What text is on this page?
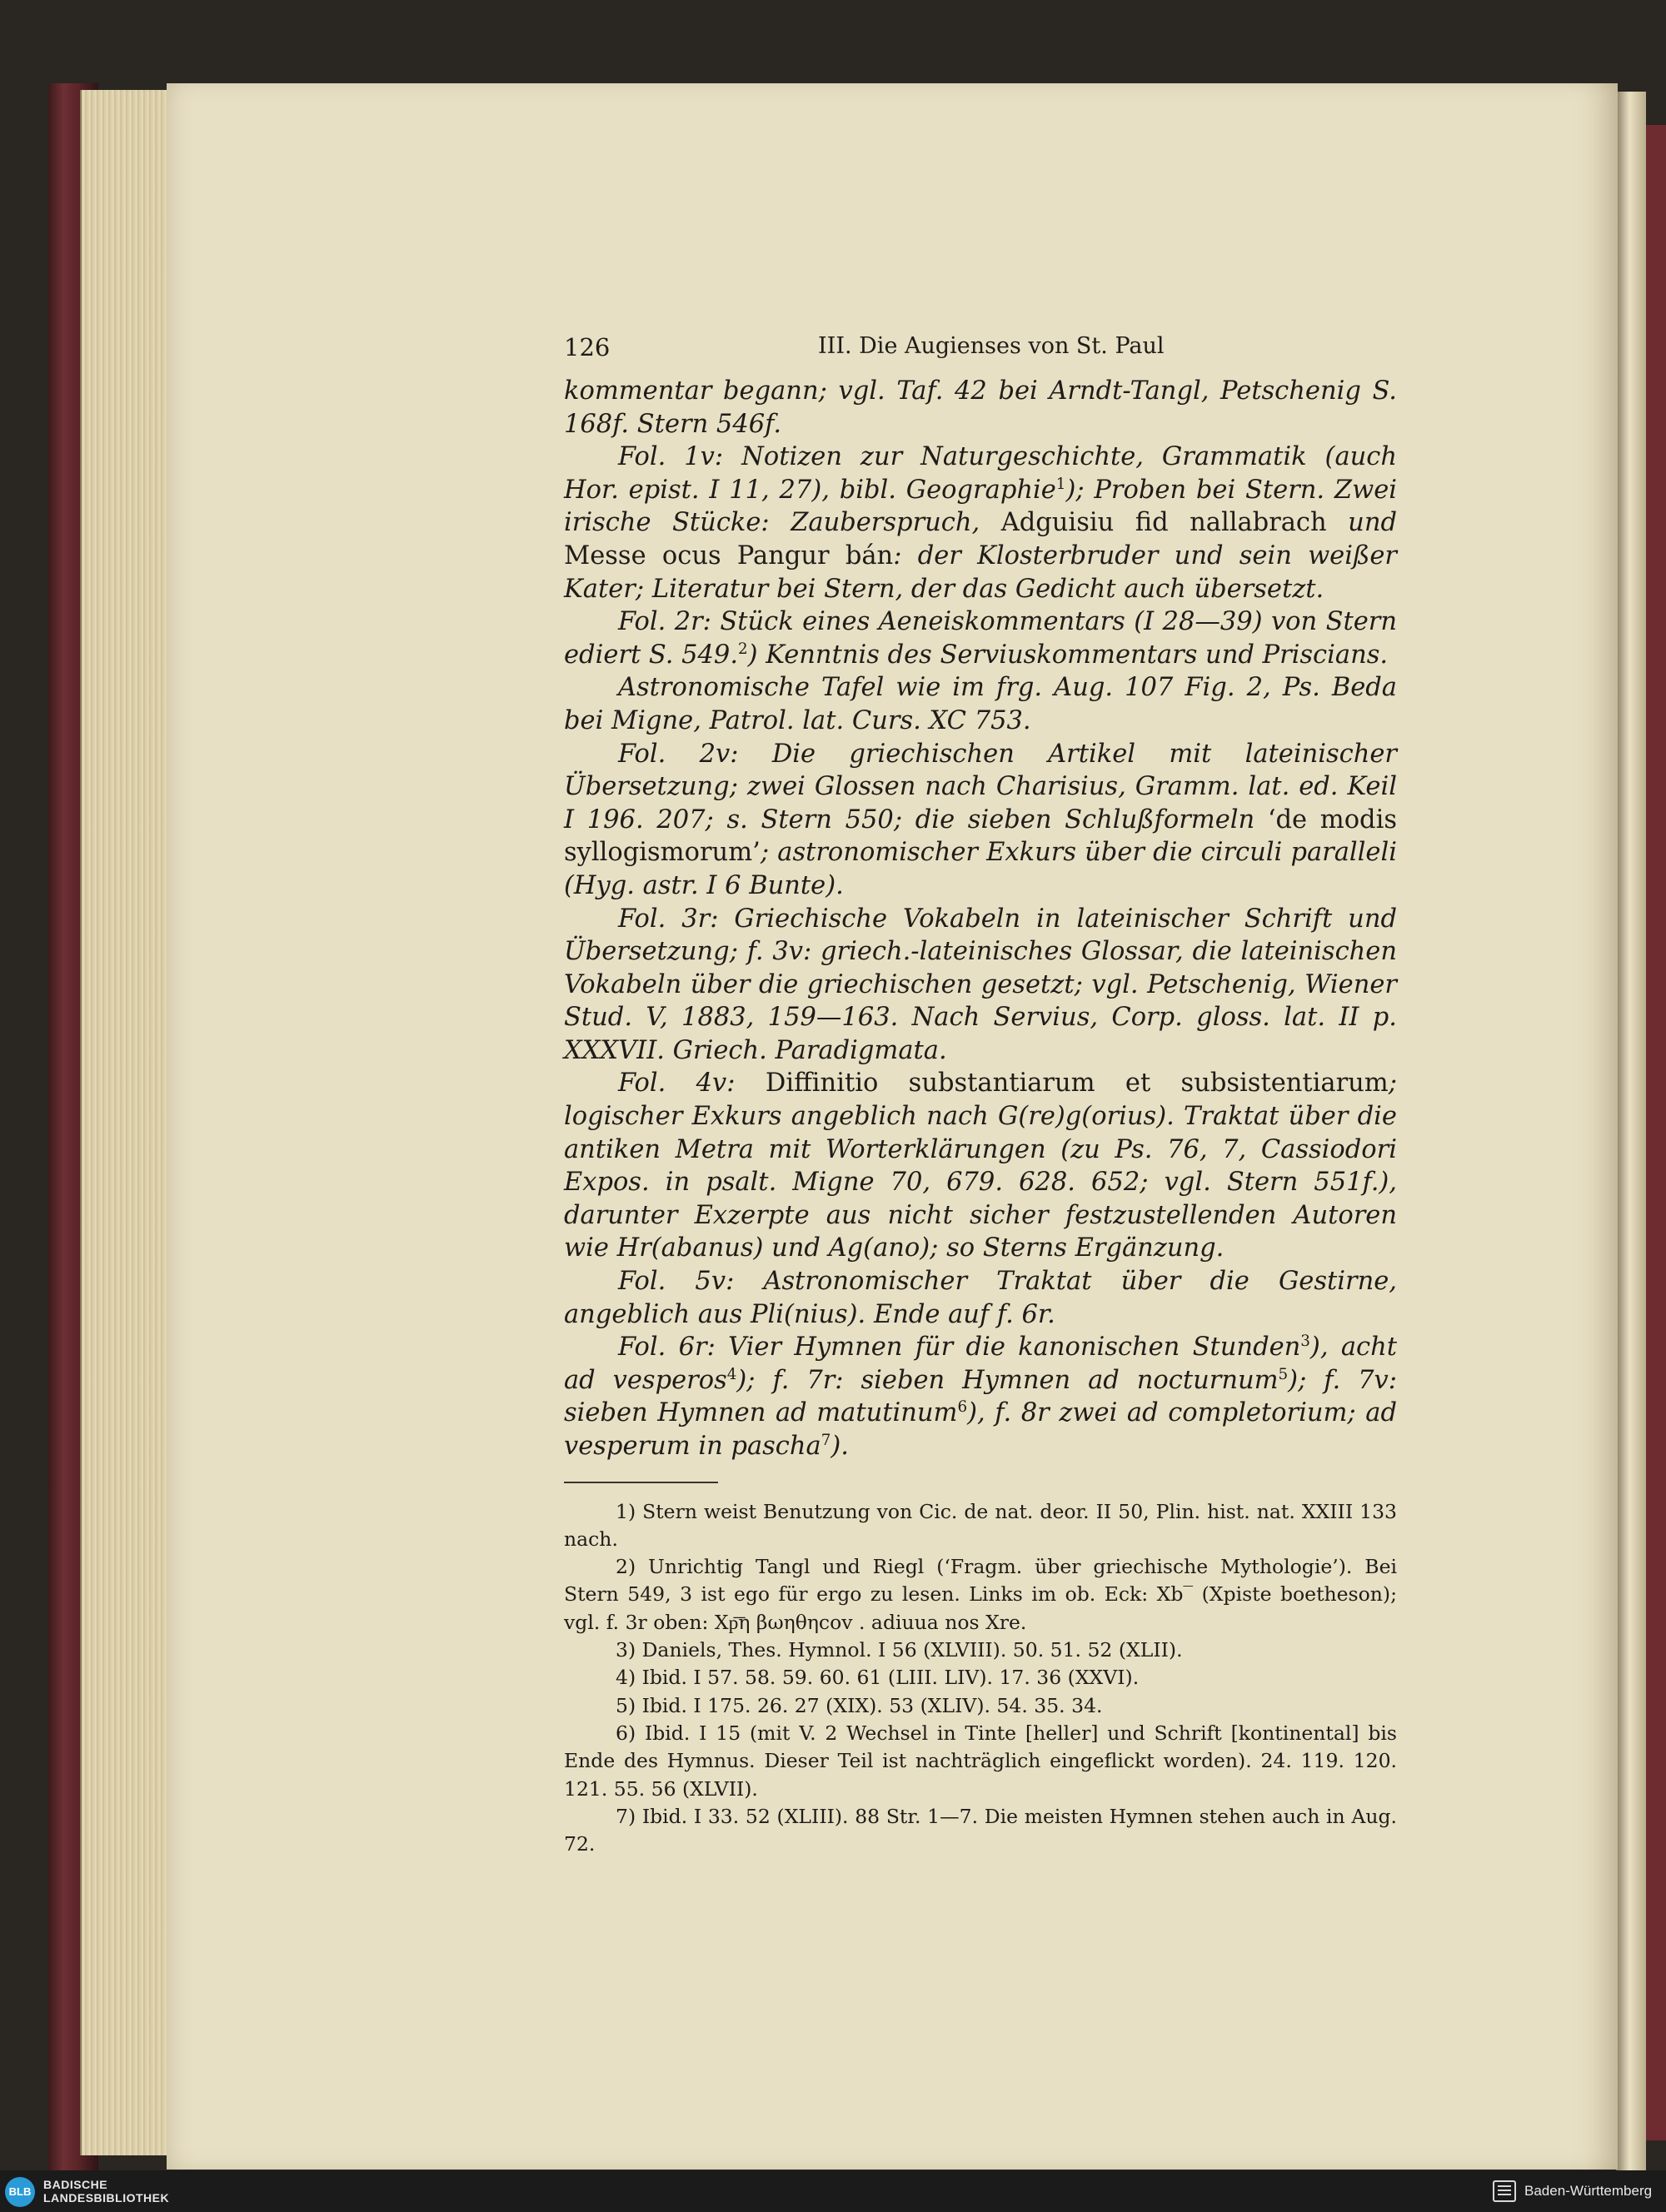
126	III. Die Augienses von St. Paul

kommentar begann; vgl. Taf. 42 bei Arndt-Tangl, Petschenig S. 168f. Stern 546f.

Fol. 1v: Notizen zur Naturgeschichte, Grammatik (auch Hor. epist. I 11, 27), bibl. Geographie$^1$); Proben bei Stern. Zwei irische Stücke: Zauberspruch, Adguisiu fid nallabrach und Messe ocus Pangur bán: der Klosterbruder und sein weißer Kater; Literatur bei Stern, der das Gedicht auch übersetzt.

Fol. 2r: Stück eines Aeneiskommentars (I 28—39) von Stern ediert S. 549.$^2$) Kenntnis des Serviuskommentars und Priscians.

Astronomische Tafel wie im frg. Aug. 107 Fig. 2, Ps. Beda bei Migne, Patrol. lat. Curs. XC 753.

Fol. 2v: Die griechischen Artikel mit lateinischer Übersetzung; zwei Glossen nach Charisius, Gramm. lat. ed. Keil I 196. 207; s. Stern 550; die sieben Schlußformeln ‘de modis syllogismorum’; astronomischer Exkurs über die circuli paralleli (Hyg. astr. I 6 Bunte).

Fol. 3r: Griechische Vokabeln in lateinischer Schrift und Übersetzung; f. 3v: griech.-lateinisches Glossar, die lateinischen Vokabeln über die griechischen gesetzt; vgl. Petschenig, Wiener Stud. V, 1883, 159—163. Nach Servius, Corp. gloss. lat. II p. XXXVII. Griech. Paradigmata.

Fol. 4v: Diffinitio substantiarum et subsistentiarum; logischer Exkurs angeblich nach G(re)g(orius). Traktat über die antiken Metra mit Worterklärungen (zu Ps. 76, 7, Cassiodori Expos. in psalt. Migne 70, 679. 628. 652; vgl. Stern 551f.), darunter Exzerpte aus nicht sicher festzustellenden Autoren wie Hr(abanus) und Ag(ano); so Sterns Ergänzung.

Fol. 5v: Astronomischer Traktat über die Gestirne, angeblich aus Pli(nius). Ende auf f. 6r.

Fol. 6r: Vier Hymnen für die kanonischen Stunden$^3$), acht ad vesperos$^4$); f. 7r: sieben Hymnen ad nocturnum$^5$); f. 7v: sieben Hymnen ad matutinum$^6$), f. 8r zwei ad completorium; ad vesperum in pascha$^7$).

1) Stern weist Benutzung von Cic. de nat. deor. II 50, Plin. hist. nat. XXIII 133 nach.

2) Unrichtig Tangl und Riegl (‘Fragm. über griechische Mythologie’). Bei Stern 549, 3 ist ego für ergo zu lesen. Links im ob. Eck: Xb‾ (Xpiste boetheson); vgl. f. 3r oben: Xp͞η βωηθηcov . adiuua nos Xre.

3) Daniels, Thes. Hymnol. I 56 (XLVIII). 50. 51. 52 (XLII).

4) Ibid. I 57. 58. 59. 60. 61 (LIII. LIV). 17. 36 (XXVI).

5) Ibid. I 175. 26. 27 (XIX). 53 (XLIV). 54. 35. 34.

6) Ibid. I 15 (mit V. 2 Wechsel in Tinte [heller] und Schrift [kontinental] bis Ende des Hymnus. Dieser Teil ist nachträglich eingeflickt worden). 24. 119. 120. 121. 55. 56 (XLVII).

7) Ibid. I 33. 52 (XLIII). 88 Str. 1—7. Die meisten Hymnen stehen auch in Aug. 72.

BLB
BADISCHE
LANDESBIBLIOTHEK	Baden-Württemberg
